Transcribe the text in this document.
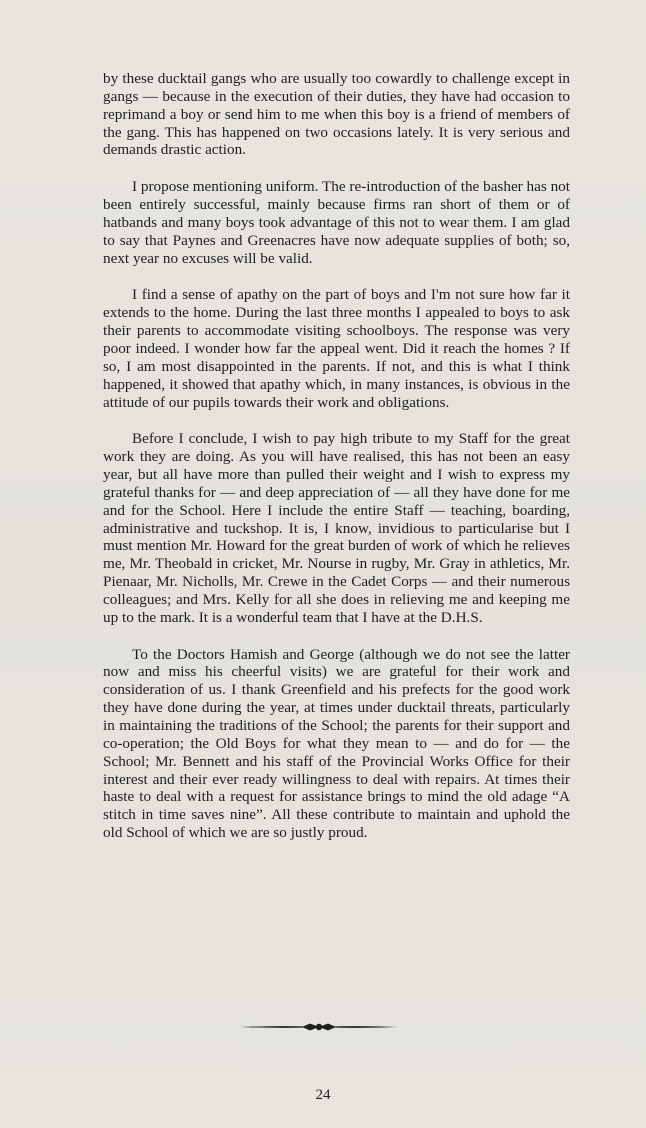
by these ducktail gangs who are usually too cowardly to challenge except in gangs — because in the execution of their duties, they have had occasion to reprimand a boy or send him to me when this boy is a friend of members of the gang. This has happened on two occasions lately. It is very serious and demands drastic action.

I propose mentioning uniform. The re-introduction of the basher has not been entirely successful, mainly because firms ran short of them or of hatbands and many boys took advantage of this not to wear them. I am glad to say that Paynes and Greenacres have now adequate supplies of both; so, next year no excuses will be valid.

I find a sense of apathy on the part of boys and I'm not sure how far it extends to the home. During the last three months I appealed to boys to ask their parents to accommodate visiting schoolboys. The response was very poor indeed. I wonder how far the appeal went. Did it reach the homes ? If so, I am most disappointed in the parents. If not, and this is what I think happened, it showed that apathy which, in many instances, is obvious in the attitude of our pupils towards their work and obligations.

Before I conclude, I wish to pay high tribute to my Staff for the great work they are doing. As you will have realised, this has not been an easy year, but all have more than pulled their weight and I wish to express my grateful thanks for — and deep appreciation of — all they have done for me and for the School. Here I include the entire Staff — teaching, boarding, administrative and tuckshop. It is, I know, invidious to particularise but I must mention Mr. Howard for the great burden of work of which he relieves me, Mr. Theobald in cricket, Mr. Nourse in rugby, Mr. Gray in athletics, Mr. Pienaar, Mr. Nicholls, Mr. Crewe in the Cadet Corps — and their numerous colleagues; and Mrs. Kelly for all she does in relieving me and keeping me up to the mark. It is a wonderful team that I have at the D.H.S.

To the Doctors Hamish and George (although we do not see the latter now and miss his cheerful visits) we are grateful for their work and consideration of us. I thank Greenfield and his prefects for the good work they have done during the year, at times under ducktail threats, particularly in maintaining the traditions of the School; the parents for their support and co-operation; the Old Boys for what they mean to — and do for — the School; Mr. Bennett and his staff of the Provincial Works Office for their interest and their ever ready willingness to deal with repairs. At times their haste to deal with a request for assistance brings to mind the old adage “A stitch in time saves nine”. All these contribute to maintain and uphold the old School of which we are so justly proud.

24
